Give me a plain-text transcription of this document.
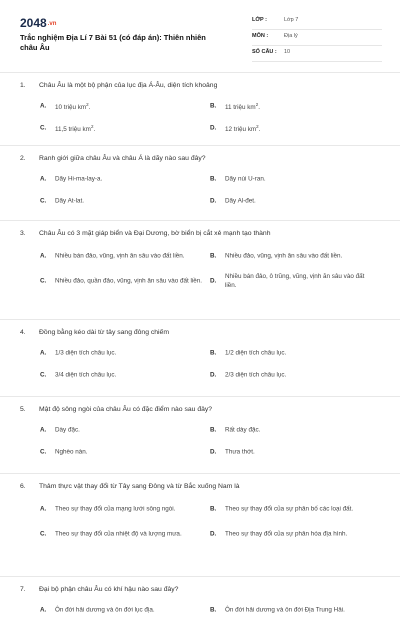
2048.vn
Trắc nghiệm Địa Lí 7 Bài 51 (có đáp án): Thiên nhiên châu Âu
LỚP :	Lớp 7
MÔN :	Địa lý
SỐ CÂU : 10
1. Châu Âu là một bộ phận của lục địa Á-Âu, diện tích khoảng
A. 10 triệu $km^2$.	B. 11 triệu $km^2$.
C. 11,5 triệu $km^2$.	D. 12 triệu $km^2$.
2. Ranh giới giữa châu Âu và châu Á là dãy nào sau đây?
A. Dãy Hi-ma-lay-a.	B. Dãy núi U-ran.
C. Dãy At-lat.	D. Dãy Al-đet.
3. Châu Âu có 3 mặt giáp biển và Đại Dương, bờ biển bị cắt xẻ mạnh tạo thành
A. Nhiều bán đảo, vũng, vịnh ăn sâu vào đất liền.	B. Nhiều đảo, vũng, vịnh ăn sâu vào đất liền.
C. Nhiều đảo, quần đảo, vũng, vịnh ăn sâu vào đất liền.	D.
Nhiều bán đảo, ô trũng, vũng, vịnh ăn sâu vào đất liền.
4. Đồng bằng kéo dài từ tây sang đông chiếm
A. 1/3 diện tích châu lục.	B. 1/2 diện tích châu lục.
C. 3/4 diện tích châu lục.	D. 2/3 diện tích châu lục.
5. Mật độ sông ngòi của châu Âu có đặc điểm nào sau đây?
A. Dày đặc.	B. Rất dày đặc.
C. Nghèo nàn.	D. Thưa thớt.
6. Thảm thực vật thay đổi từ Tây sang Đông và từ Bắc xuống Nam là
A. Theo sự thay đổi của mạng lưới sông ngòi.	B. Theo sự thay đổi của sự phân bố các loại đất.
C. Theo sự thay đổi của nhiệt độ và lượng mưa.	D. Theo sự thay đổi của sự phân hóa địa hình.
7. Đại bộ phận châu Âu có khí hậu nào sau đây?
A. Ôn đới hải dương và ôn đới lục địa.	B. Ôn đới hải dương và ôn đới Địa Trung Hải.
